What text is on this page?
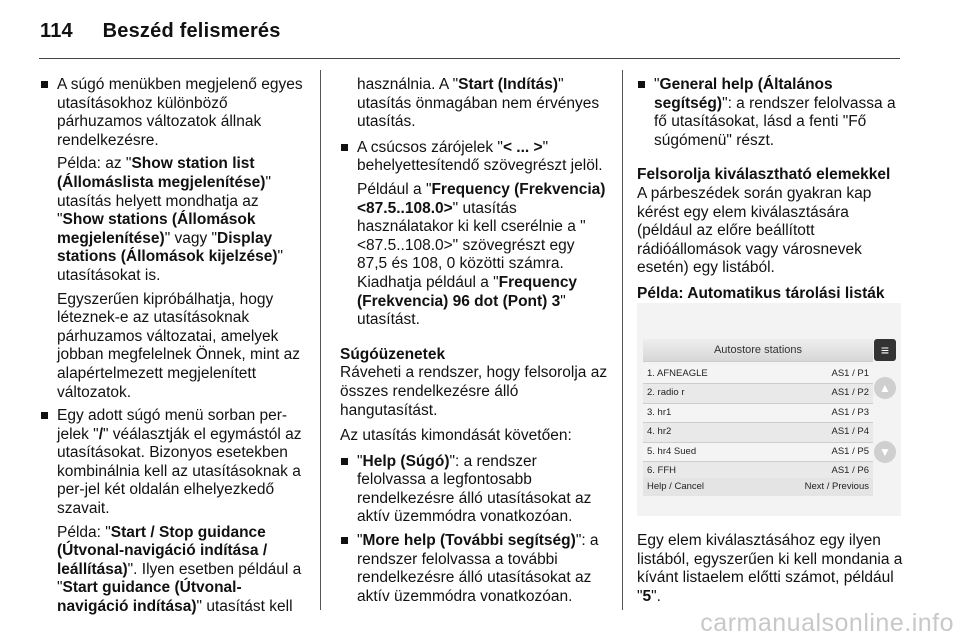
114 Beszéd felismerés
A súgó menükben megjelenő egyes utasításokhoz különböző párhuzamos változatok állnak rendelkezésre.
Példa: az "Show station list (Állomáslista megjelenítése)" utasítás helyett mondhatja az "Show stations (Állomások megjelenítése)" vagy "Display stations (Állomások kijelzése)" utasításokat is.
Egyszerűen kipróbálhatja, hogy léteznek-e az utasításoknak párhuzamos változatai, amelyek jobban megfelelnek Önnek, mint az alapértelmezett megjelenített változatok.
Egy adott súgó menü sorban per-jelek "/" véálasztják el egymástól az utasításokat. Bizonyos esetekben kombinálnia kell az utasításoknak a per-jel két oldalán elhelyezkedő szavait.
Példa: "Start / Stop guidance (Útvonal-navigáció indítása / leállítása)". Ilyen esetben például a "Start guidance (Útvonal-navigáció indítása)" utasítást kell
használnia. A "Start (Indítás)" utasítás önmagában nem érvényes utasítás.
A csúcsos zárójelek "< ... >" behelyettesítendő szövegrészt jelöl.
Például a "Frequency (Frekvencia) <87.5..108.0>" utasítás használatakor ki kell cserélnie a "<87.5..108.0>" szövegrészt egy 87,5 és 108, 0 közötti számra. Kiadhatja például a "Frequency (Frekvencia) 96 dot (Pont) 3" utasítást.
Súgóüzenetek
Ráveheti a rendszer, hogy felsorolja az összes rendelkezésre álló hangutasítást.
Az utasítás kimondását követően:
"Help (Súgó)": a rendszer felolvassa a legfontosabb rendelkezésre álló utasításokat az aktív üzemmódra vonatkozóan.
"More help (További segítség)": a rendszer felolvassa a további rendelkezésre álló utasításokat az aktív üzemmódra vonatkozóan.
"General help (Általános segítség)": a rendszer felolvassa a fő utasításokat, lásd a fenti "Fő súgómenü" részt.
Felsorolja kiválasztható elemekkel
A párbeszédek során gyakran kap kérést egy elem kiválasztására (például az előre beállított rádióállomások vagy városnevek esetén) egy listából.
Példa: Automatikus tárolási listák
Autostore stations
1. AFNEAGLE	AS1 / P1
2. radio r	AS1 / P2
3. hr1	AS1 / P3
4. hr2	AS1 / P4
5. hr4 Sued	AS1 / P5
6. FFH	AS1 / P6
Help / Cancel	Next / Previous
≡
▲
▼
Egy elem kiválasztásához egy ilyen listából, egyszerűen ki kell mondania a kívánt listaelem előtti számot, például "5".
carmanualsonline.info
